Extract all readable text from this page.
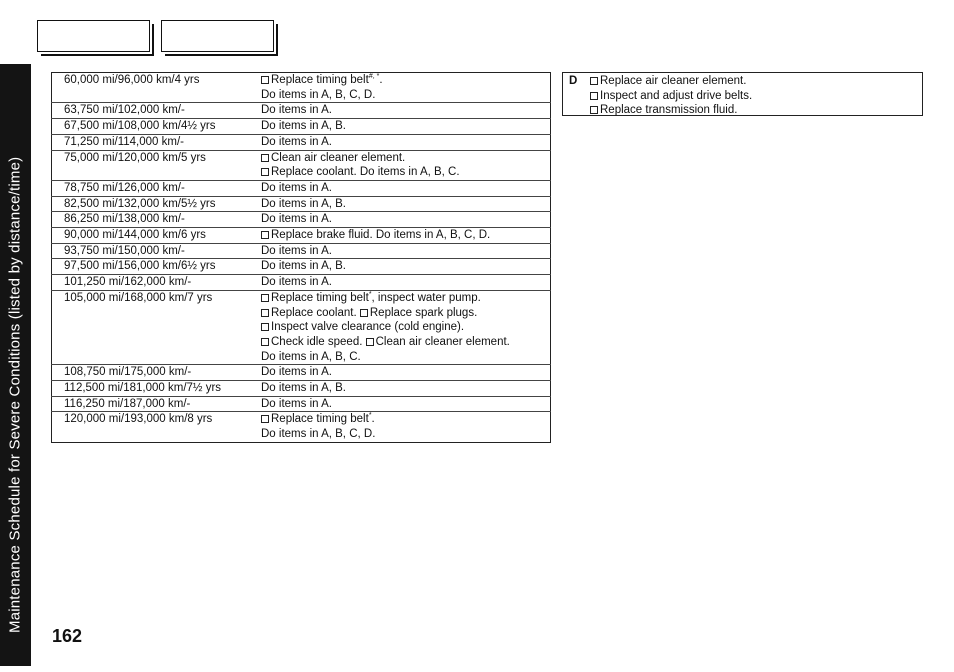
Maintenance Schedule for Severe Conditions (listed by distance/time)
60,000 mi/96,000 km/4 yrs	Replace timing belt#, *.
Do items in A, B, C, D.

63,750 mi/102,000 km/-	Do items in A.

67,500 mi/108,000 km/4½ yrs	Do items in A, B.

71,250 mi/114,000 km/-	Do items in A.

75,000 mi/120,000 km/5 yrs	Clean air cleaner element.
Replace coolant. Do items in A, B, C.

78,750 mi/126,000 km/-	Do items in A.

82,500 mi/132,000 km/5½ yrs	Do items in A, B.

86,250 mi/138,000 km/-	Do items in A.

90,000 mi/144,000 km/6 yrs	Replace brake fluid. Do items in A, B, C, D.

93,750 mi/150,000 km/-	Do items in A.

97,500 mi/156,000 km/6½ yrs	Do items in A, B.

101,250 mi/162,000 km/-	Do items in A.

105,000 mi/168,000 km/7 yrs	Replace timing belt*, inspect water pump.
Replace coolant. Replace spark plugs.
Inspect valve clearance (cold engine).
Check idle speed. Clean air cleaner element.
Do items in A, B, C.

108,750 mi/175,000 km/-	Do items in A.

112,500 mi/181,000 km/7½ yrs	Do items in A, B.

116,250 mi/187,000 km/-	Do items in A.

120,000 mi/193,000 km/8 yrs	Replace timing belt*.
Do items in A, B, C, D.
D	Replace air cleaner element.
Inspect and adjust drive belts.
Replace transmission fluid.
162
